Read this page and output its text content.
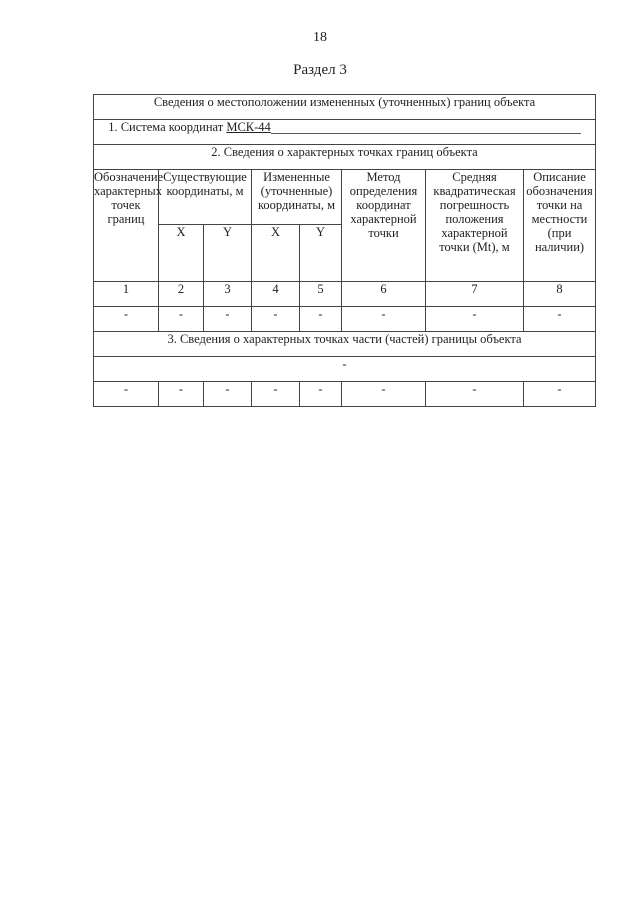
18
Раздел 3
Сведения о местоположении измененных (уточненных) границ объекта							
1. Система координат МСК-44							
2. Сведения о характерных точках границ объекта							
Обозначение характерных точек границ	Существующие координаты, м		Измененные (уточненные) координаты, м		Метод определения координат характерной точки	Средняя квадратическая погрешность положения характерной точки (Mt), м	Описание обозначения точки на местности (при наличии)
	X	Y	X	Y			
1	2	3	4	5	6	7	8
-	-	-	-	-	-	-	-
3. Сведения о характерных точках части (частей) границы объекта							
-							
-	-	-	-	-	-	-	-
